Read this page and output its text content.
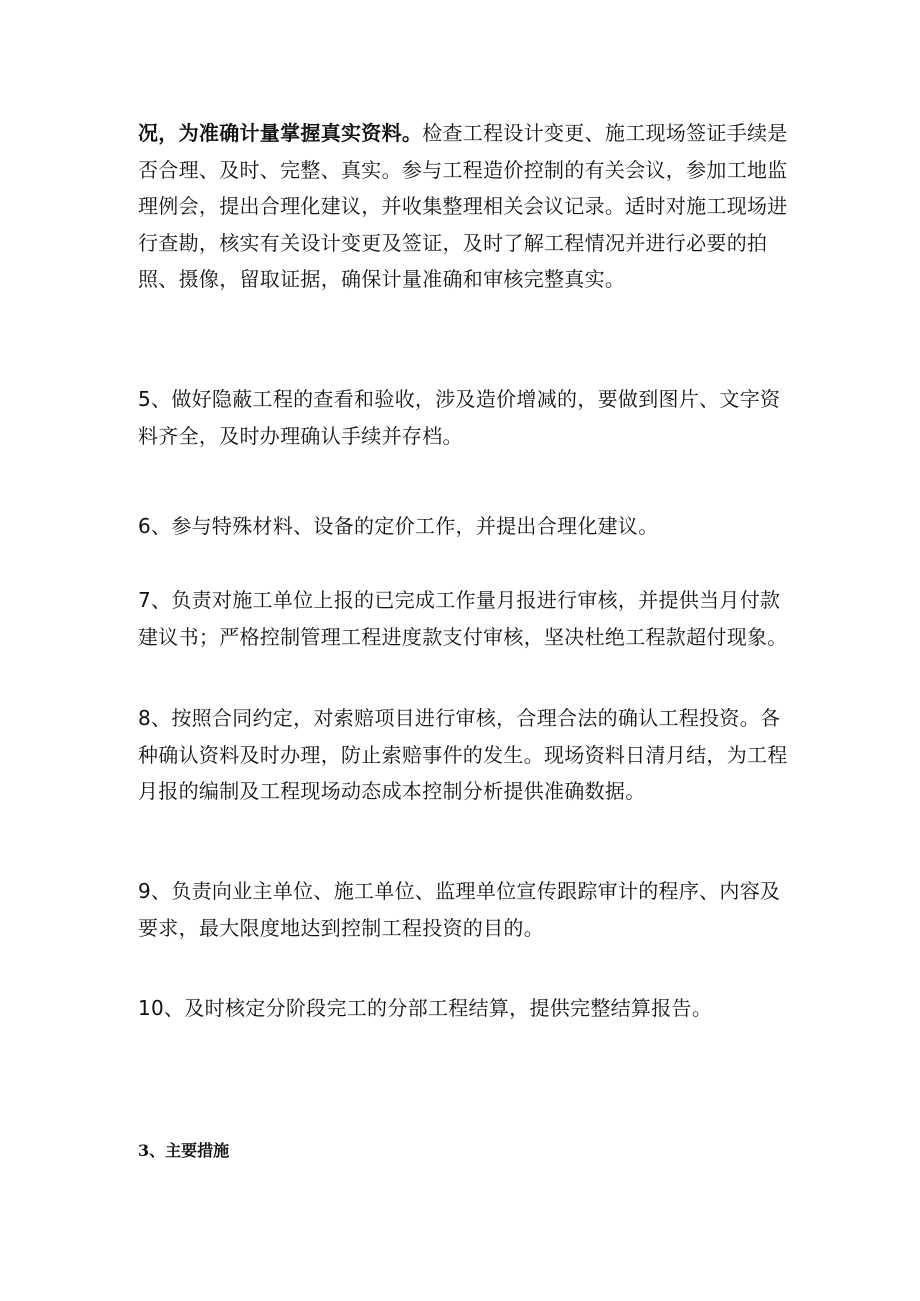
况，为准确计量掌握真实资料。检查工程设计变更、施工现场签证手续是否合理、及时、完整、真实。参与工程造价控制的有关会议，参加工地监理例会，提出合理化建议，并收集整理相关会议记录。适时对施工现场进行查勘，核实有关设计变更及签证，及时了解工程情况并进行必要的拍照、摄像，留取证据，确保计量准确和审核完整真实。

5、做好隐蔽工程的查看和验收，涉及造价增减的，要做到图片、文字资料齐全，及时办理确认手续并存档。

6、参与特殊材料、设备的定价工作，并提出合理化建议。

7、负责对施工单位上报的已完成工作量月报进行审核，并提供当月付款建议书；严格控制管理工程进度款支付审核，坚决杜绝工程款超付现象。

8、按照合同约定，对索赔项目进行审核，合理合法的确认工程投资。各种确认资料及时办理，防止索赔事件的发生。现场资料日清月结，为工程月报的编制及工程现场动态成本控制分析提供准确数据。

9、负责向业主单位、施工单位、监理单位宣传跟踪审计的程序、内容及要求，最大限度地达到控制工程投资的目的。

10、及时核定分阶段完工的分部工程结算，提供完整结算报告。

3、主要措施
